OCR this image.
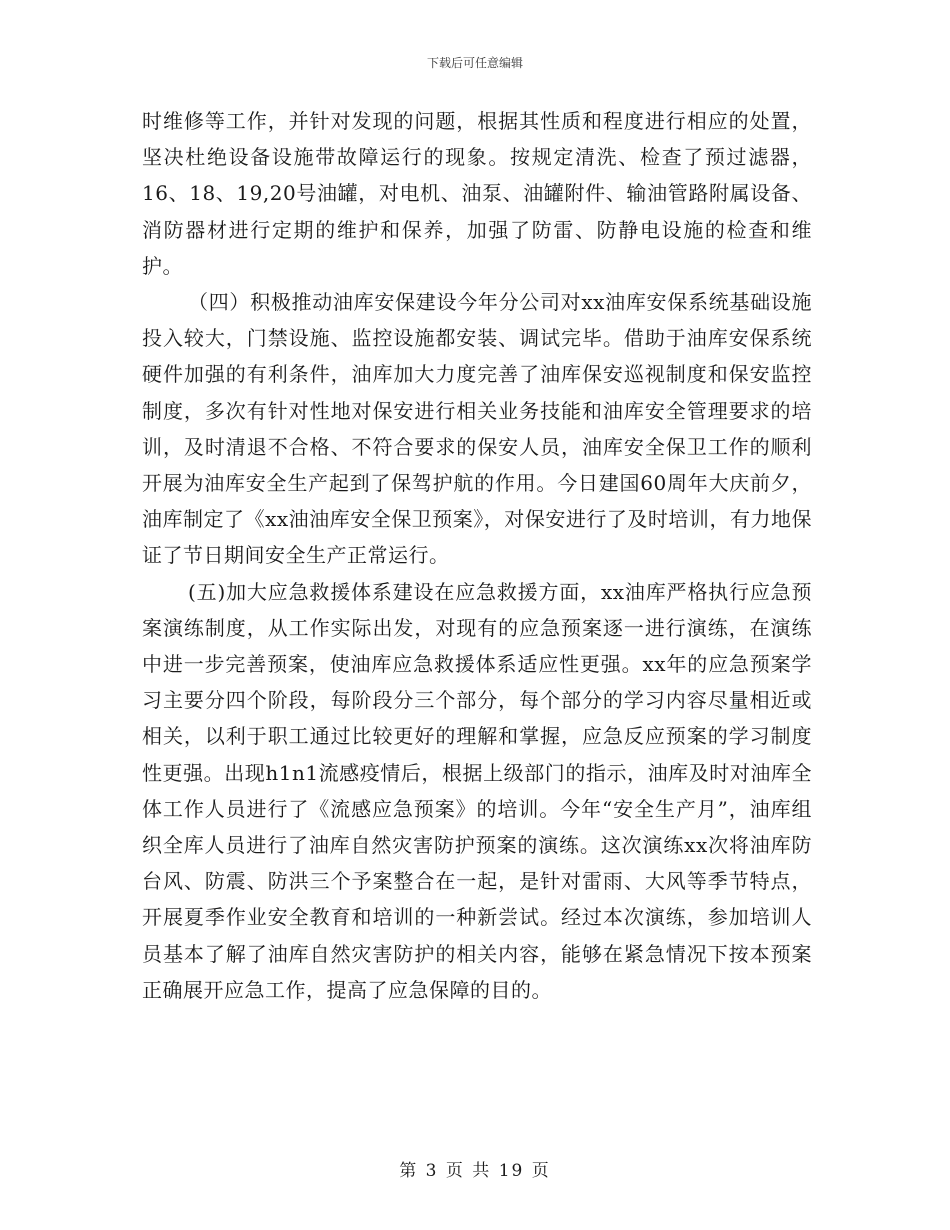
下载后可任意编辑

时维修等工作，并针对发现的问题，根据其性质和程度进行相应的处置，坚决杜绝设备设施带故障运行的现象。按规定清洗、检查了预过滤器，16、18、19,20号油罐，对电机、油泵、油罐附件、输油管路附属设备、消防器材进行定期的维护和保养，加强了防雷、防静电设施的检查和维护。

（四）积极推动油库安保建设今年分公司对xx油库安保系统基础设施投入较大，门禁设施、监控设施都安装、调试完毕。借助于油库安保系统硬件加强的有利条件，油库加大力度完善了油库保安巡视制度和保安监控制度，多次有针对性地对保安进行相关业务技能和油库安全管理要求的培训，及时清退不合格、不符合要求的保安人员，油库安全保卫工作的顺利开展为油库安全生产起到了保驾护航的作用。今日建国60周年大庆前夕，油库制定了《xx油油库安全保卫预案》，对保安进行了及时培训，有力地保证了节日期间安全生产正常运行。

(五)加大应急救援体系建设在应急救援方面，xx油库严格执行应急预案演练制度，从工作实际出发，对现有的应急预案逐一进行演练，在演练中进一步完善预案，使油库应急救援体系适应性更强。xx年的应急预案学习主要分四个阶段，每阶段分三个部分，每个部分的学习内容尽量相近或相关，以利于职工通过比较更好的理解和掌握，应急反应预案的学习制度性更强。出现h1n1流感疫情后，根据上级部门的指示，油库及时对油库全体工作人员进行了《流感应急预案》的培训。今年“安全生产月”，油库组织全库人员进行了油库自然灾害防护预案的演练。这次演练xx次将油库防台风、防震、防洪三个予案整合在一起，是针对雷雨、大风等季节特点，开展夏季作业安全教育和培训的一种新尝试。经过本次演练，参加培训人员基本了解了油库自然灾害防护的相关内容，能够在紧急情况下按本预案正确展开应急工作，提高了应急保障的目的。

第 3 页 共 19 页
